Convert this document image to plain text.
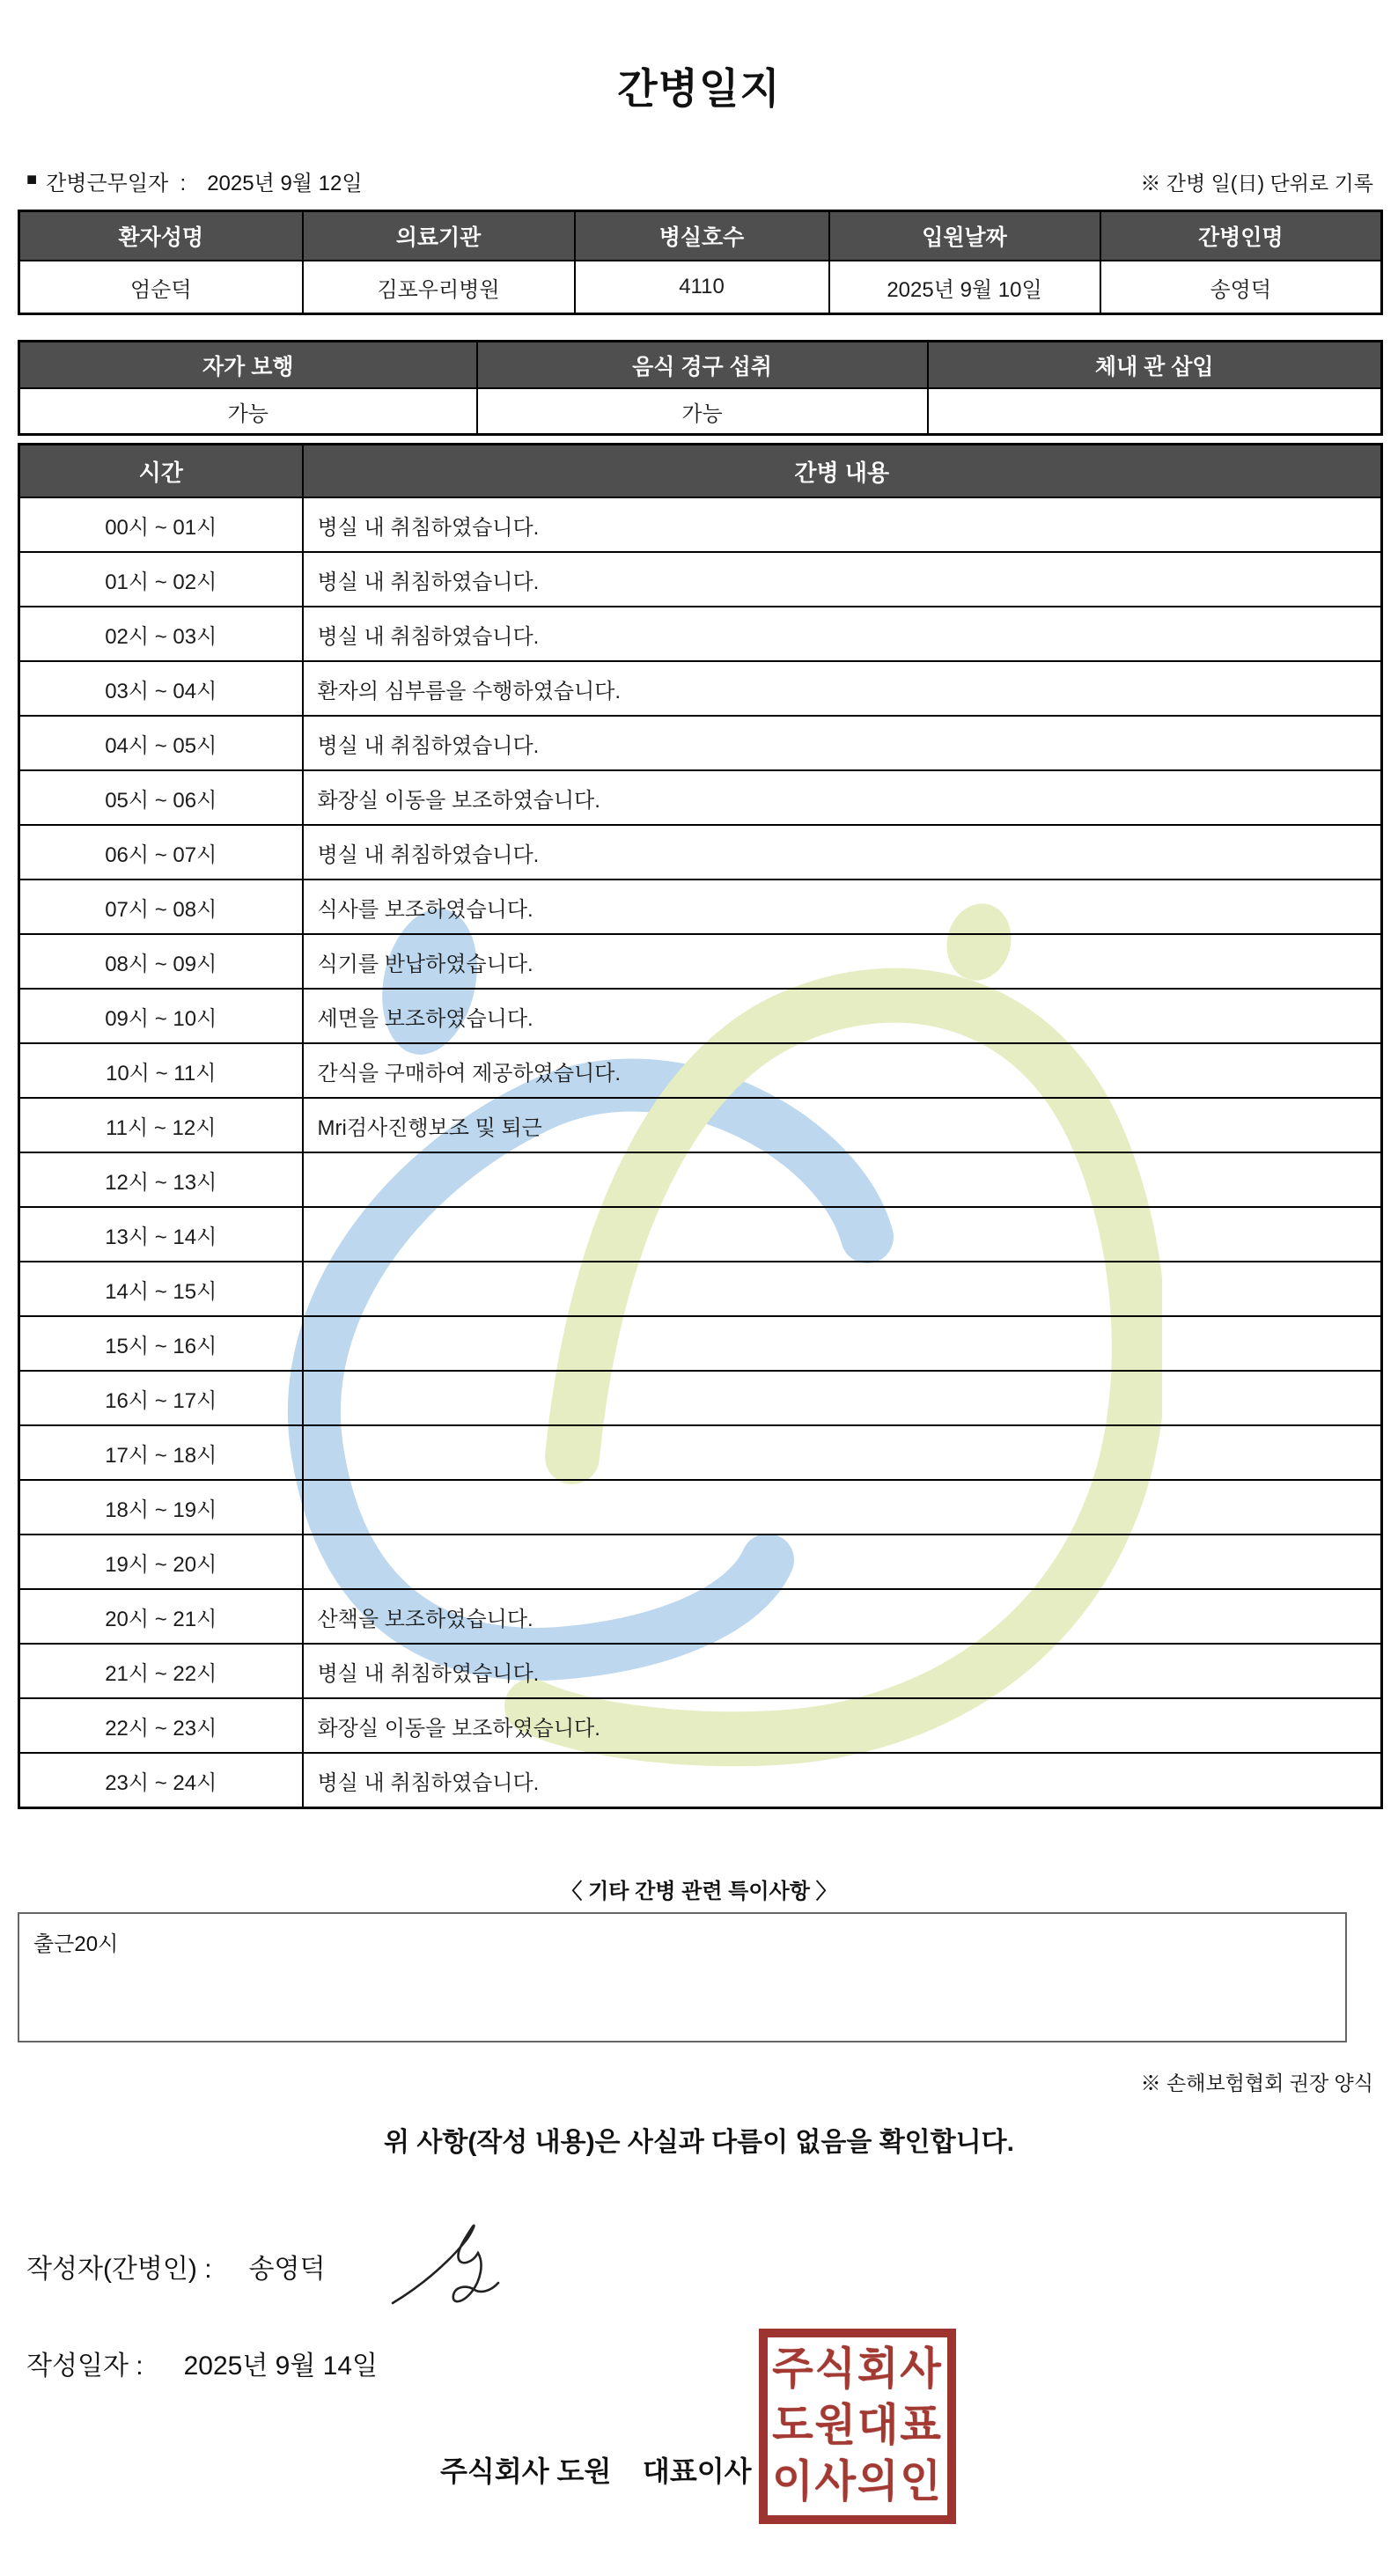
간병일지
■ 간병근무일자  : 2025년 9월 12일	※ 간병 일(日) 단위로 기록
환자성명	의료기관	병실호수	입원날짜	간병인명
엄순덕	김포우리병원	4110	2025년 9월 10일	송영덕
자가 보행	음식 경구 섭취	체내 관 삽입
가능	가능	
시간	간병 내용
00시 ~ 01시	병실 내 취침하였습니다.
01시 ~ 02시	병실 내 취침하였습니다.
02시 ~ 03시	병실 내 취침하였습니다.
03시 ~ 04시	환자의 심부름을 수행하였습니다.
04시 ~ 05시	병실 내 취침하였습니다.
05시 ~ 06시	화장실 이동을 보조하였습니다.
06시 ~ 07시	병실 내 취침하였습니다.
07시 ~ 08시	식사를 보조하였습니다.
08시 ~ 09시	식기를 반납하였습니다.
09시 ~ 10시	세면을 보조하였습니다.
10시 ~ 11시	간식을 구매하여 제공하였습니다.
11시 ~ 12시	Mri검사진행보조 및 퇴근
12시 ~ 13시	
13시 ~ 14시	
14시 ~ 15시	
15시 ~ 16시	
16시 ~ 17시	
17시 ~ 18시	
18시 ~ 19시	
19시 ~ 20시	
20시 ~ 21시	산책을 보조하였습니다.
21시 ~ 22시	병실 내 취침하였습니다.
22시 ~ 23시	화장실 이동을 보조하였습니다.
23시 ~ 24시	병실 내 취침하였습니다.
〈 기타 간병 관련 특이사항 〉
출근20시
※ 손해보험협회 권장 양식
위 사항(작성 내용)은 사실과 다름이 없음을 확인합니다.
작성자(간병인) : 송영덕
작성일자 : 2025년 9월 14일
주식회사 도원    대표이사
주식회사
도원대표
이사의인
